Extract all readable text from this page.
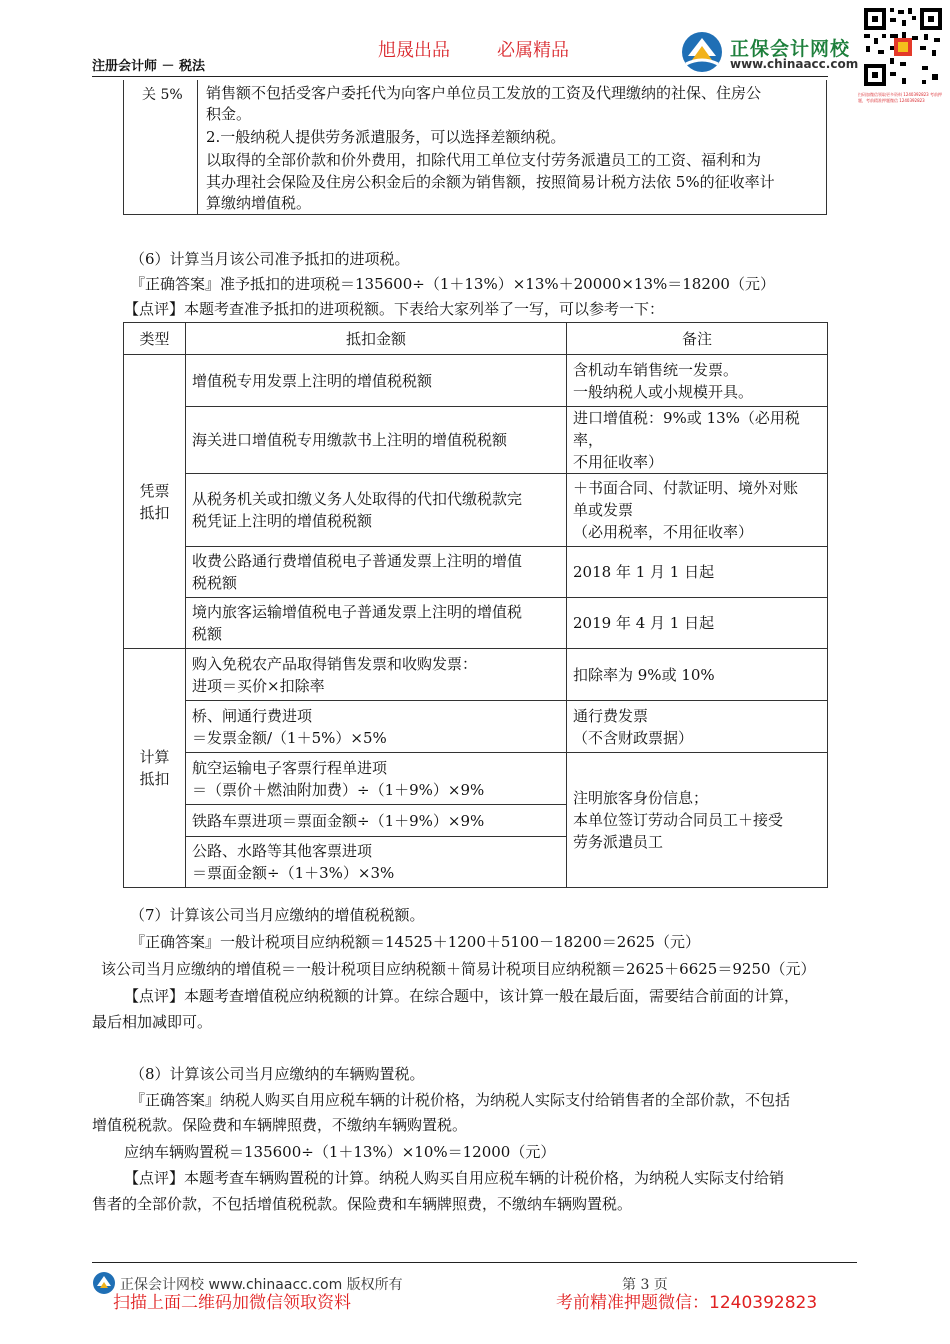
旭晟出品	必属精品
注册会计师 － 税法
正保会计网校
www.chinaacc.com
扫码加微信领取更多资料 1240392823 考前押题，考前精准押题微信 1240392823
关 5% 销售额不包括受客户委托代为向客户单位员工发放的工资及代理缴纳的社保、住房公
积金。
2.一般纳税人提供劳务派遣服务，可以选择差额纳税。
以取得的全部价款和价外费用，扣除代用工单位支付劳务派遣员工的工资、福利和为
其办理社会保险及住房公积金后的余额为销售额，按照简易计税方法依 5%的征收率计
算缴纳增值税。
（6）计算当月该公司准予抵扣的进项税。
『正确答案』准予抵扣的进项税＝135600÷（1＋13%）×13%＋20000×13%＝18200（元）
【点评】本题考查准予抵扣的进项税额。下表给大家列举了一写，可以参考一下：
类型	抵扣金额	备注
凭票
抵扣	增值税专用发票上注明的增值税税额	含机动车销售统一发票。
一般纳税人或小规模开具。
	海关进口增值税专用缴款书上注明的增值税税额	进口增值税：9%或 13%（必用税率，
不用征收率）
	从税务机关或扣缴义务人处取得的代扣代缴税款完
税凭证上注明的增值税税额	＋书面合同、付款证明、境外对账
单或发票
（必用税率，不用征收率）
	收费公路通行费增值税电子普通发票上注明的增值
税税额	2018 年 1 月 1 日起
	境内旅客运输增值税电子普通发票上注明的增值税
税额	2019 年 4 月 1 日起
计算
抵扣	购入免税农产品取得销售发票和收购发票：
进项＝买价×扣除率	扣除率为 9%或 10%
	桥、闸通行费进项
＝发票金额/（1＋5%）×5%	通行费发票
（不含财政票据）
	航空运输电子客票行程单进项
＝（票价＋燃油附加费）÷（1＋9%）×9%	注明旅客身份信息；
本单位签订劳动合同员工＋接受
劳务派遣员工
	铁路车票进项＝票面金额÷（1＋9%）×9%	
	公路、水路等其他客票进项
＝票面金额÷（1＋3%）×3%	
（7）计算该公司当月应缴纳的增值税税额。
『正确答案』一般计税项目应纳税额＝14525＋1200＋5100－18200＝2625（元）
该公司当月应缴纳的增值税＝一般计税项目应纳税额＋简易计税项目应纳税额＝2625＋6625＝9250（元）
【点评】本题考查增值税应纳税额的计算。在综合题中，该计算一般在最后面，需要结合前面的计算，
最后相加减即可。
（8）计算该公司当月应缴纳的车辆购置税。
『正确答案』纳税人购买自用应税车辆的计税价格，为纳税人实际支付给销售者的全部价款，不包括
增值税税款。保险费和车辆牌照费，不缴纳车辆购置税。
应纳车辆购置税＝135600÷（1＋13%）×10%＝12000（元）
【点评】本题考查车辆购置税的计算。纳税人购买自用应税车辆的计税价格，为纳税人实际支付给销
售者的全部价款，不包括增值税税款。保险费和车辆牌照费，不缴纳车辆购置税。
正保会计网校 www.chinaacc.com 版权所有	第 3 页
扫描上面二维码加微信领取资料	考前精准押题微信：1240392823
